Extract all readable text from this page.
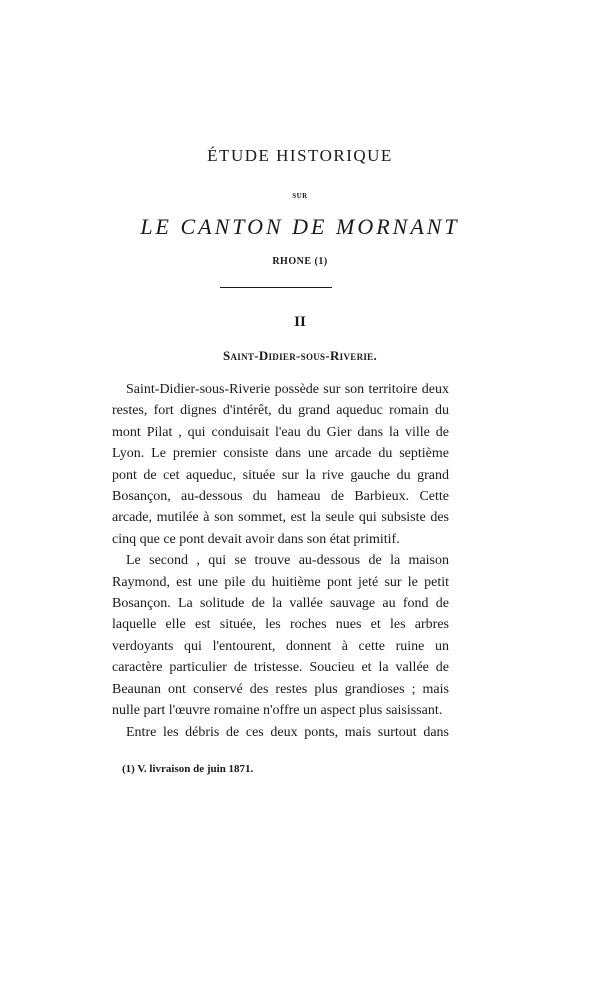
ÉTUDE HISTORIQUE
SUR
LE CANTON DE MORNANT
RHONE (1)
II
Saint-Didier-sous-Riverie.

Saint-Didier-sous-Riverie possède sur son territoire deux restes, fort dignes d'intérêt, du grand aqueduc romain du mont Pilat , qui conduisait l'eau du Gier dans la ville de Lyon. Le premier consiste dans une arcade du septième pont de cet aqueduc, située sur la rive gauche du grand Bosançon, au-dessous du hameau de Barbieux. Cette arcade, mutilée à son sommet, est la seule qui subsiste des cinq que ce pont devait avoir dans son état primitif.

Le second , qui se trouve au-dessous de la maison Raymond, est une pile du huitième pont jeté sur le petit Bosançon. La solitude de la vallée sauvage au fond de laquelle elle est située, les roches nues et les arbres verdoyants qui l'entourent, donnent à cette ruine un caractère particulier de tristesse. Soucieu et la vallée de Beaunan ont conservé des restes plus grandioses ; mais nulle part l'œuvre romaine n'offre un aspect plus saisissant.

Entre les débris de ces deux ponts, mais surtout dans

(1) V. livraison de juin 1871.
